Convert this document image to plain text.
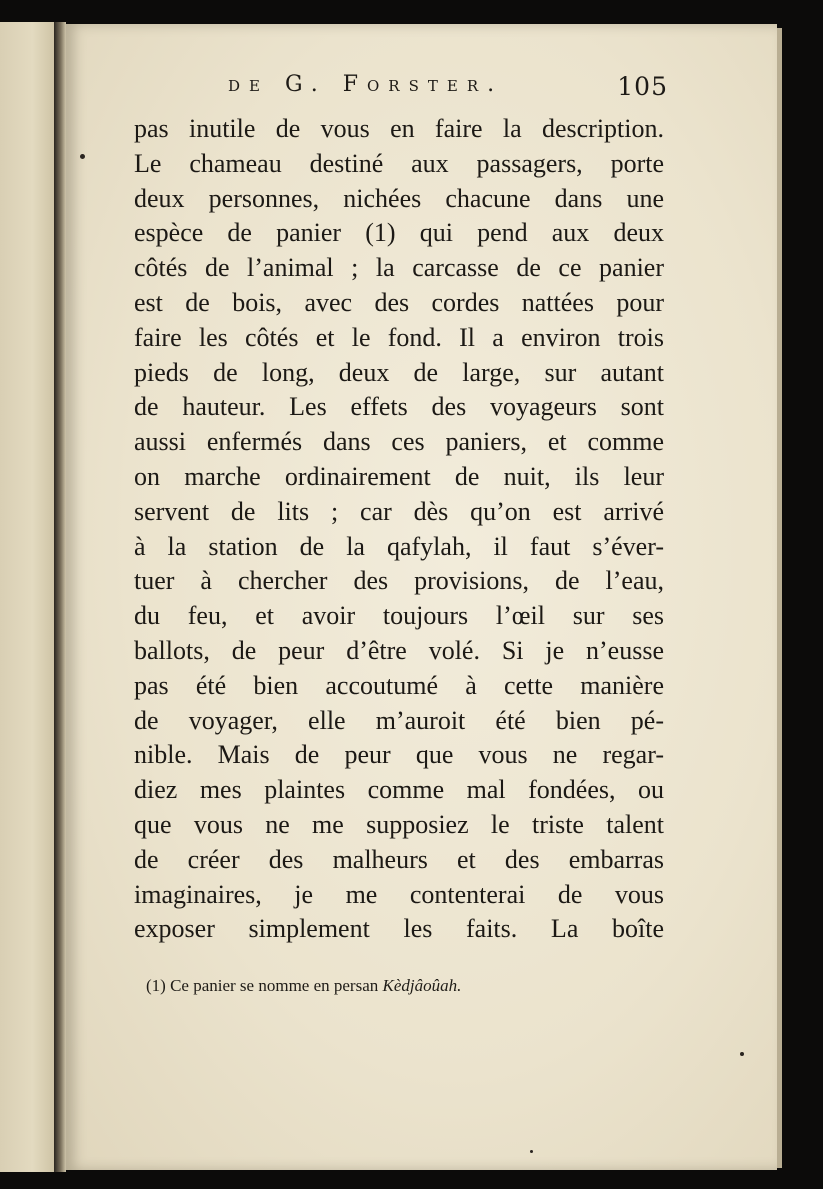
de G. Forster.	105
pas inutile de vous en faire la description.
Le chameau destiné aux passagers, porte
deux personnes, nichées chacune dans une
espèce de panier (1) qui pend aux deux
côtés de l’animal ; la carcasse de ce panier
est de bois, avec des cordes nattées pour
faire les côtés et le fond. Il a environ trois
pieds de long, deux de large, sur autant
de hauteur. Les effets des voyageurs sont
aussi enfermés dans ces paniers, et comme
on marche ordinairement de nuit, ils leur
servent de lits ; car dès qu’on est arrivé
à la station de la qafylah, il faut s’éver-
tuer à chercher des provisions, de l’eau,
du feu, et avoir toujours l’œil sur ses
ballots, de peur d’être volé. Si je n’eusse
pas été bien accoutumé à cette manière
de voyager, elle m’auroit été bien pé-
nible. Mais de peur que vous ne regar-
diez mes plaintes comme mal fondées, ou
que vous ne me supposiez le triste talent
de créer des malheurs et des embarras
imaginaires, je me contenterai de vous
exposer simplement les faits. La boîte
(1) Ce panier se nomme en persan Kèdjâoûah.
